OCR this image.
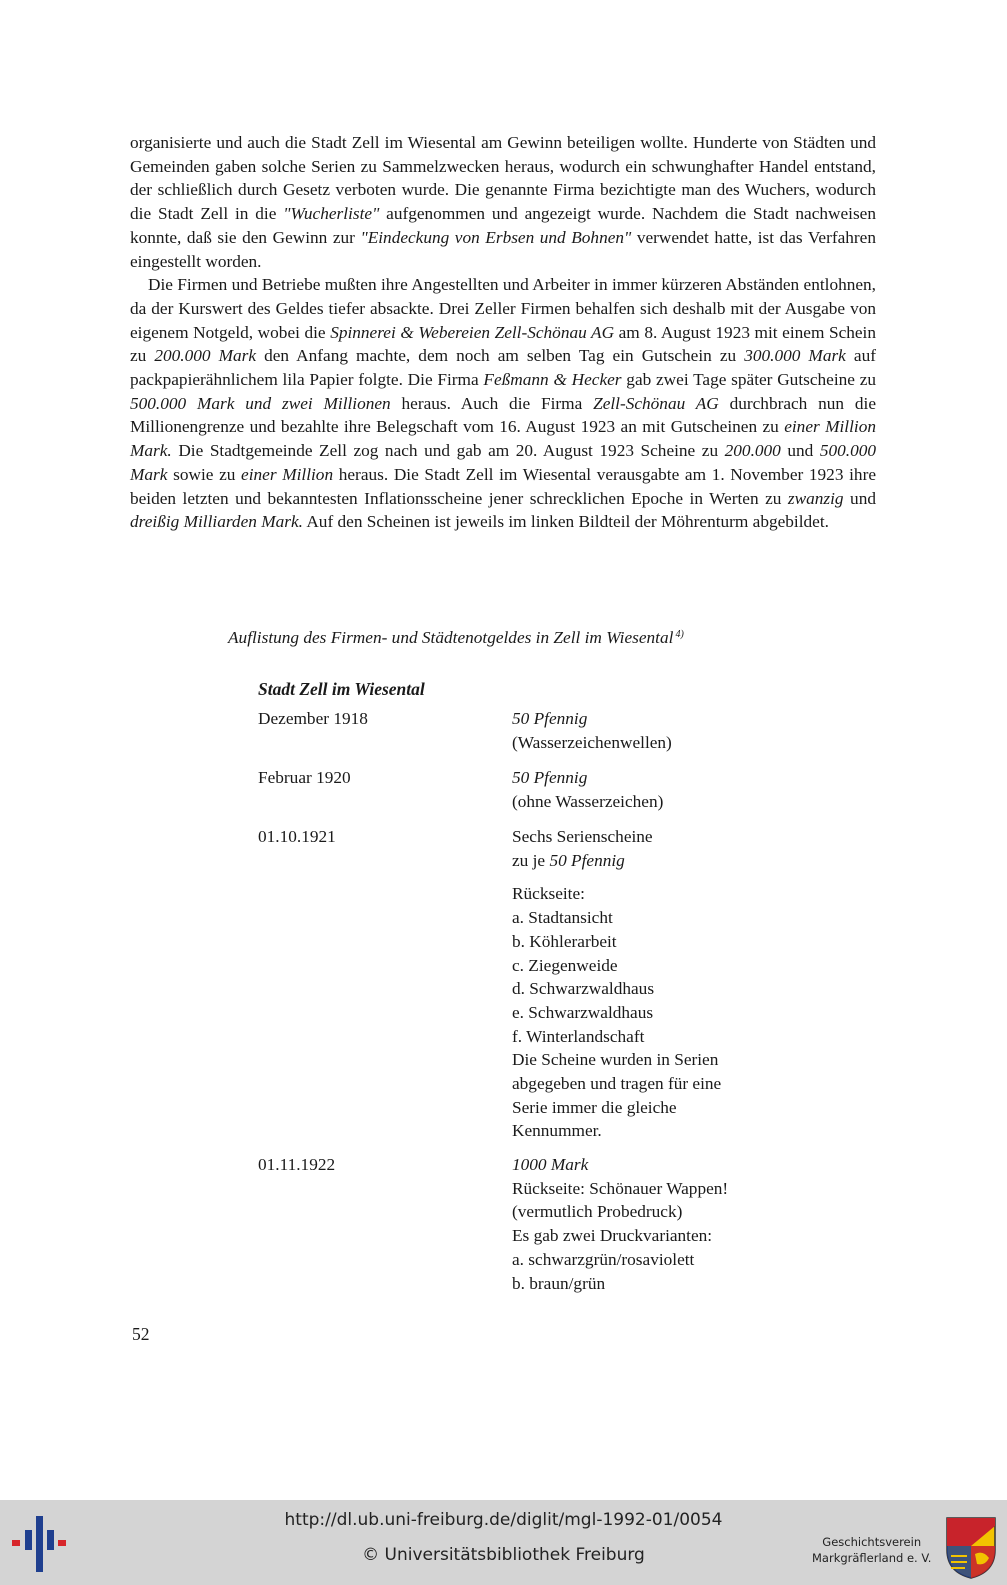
organisierte und auch die Stadt Zell im Wiesental am Gewinn beteiligen wollte. Hunderte von Städten und Gemeinden gaben solche Serien zu Sammelzwecken heraus, wodurch ein schwunghafter Handel entstand, der schließlich durch Gesetz verboten wurde. Die genannte Firma bezichtigte man des Wuchers, wodurch die Stadt Zell in die "Wucherliste" aufgenommen und angezeigt wurde. Nachdem die Stadt nachweisen konnte, daß sie den Gewinn zur "Eindeckung von Erbsen und Bohnen" verwendet hatte, ist das Verfahren eingestellt worden.

Die Firmen und Betriebe mußten ihre Angestellten und Arbeiter in immer kürzeren Abständen entlohnen, da der Kurswert des Geldes tiefer absackte. Drei Zeller Firmen behalfen sich deshalb mit der Ausgabe von eigenem Notgeld, wobei die Spinnerei & Webereien Zell-Schönau AG am 8. August 1923 mit einem Schein zu 200.000 Mark den Anfang machte, dem noch am selben Tag ein Gutschein zu 300.000 Mark auf packpapierähnlichem lila Papier folgte. Die Firma Feßmann & Hecker gab zwei Tage später Gutscheine zu 500.000 Mark und zwei Millionen heraus. Auch die Firma Zell-Schönau AG durchbrach nun die Millionengrenze und bezahlte ihre Belegschaft vom 16. August 1923 an mit Gutscheinen zu einer Million Mark. Die Stadtgemeinde Zell zog nach und gab am 20. August 1923 Scheine zu 200.000 und 500.000 Mark sowie zu einer Million heraus. Die Stadt Zell im Wiesental verausgabte am 1. November 1923 ihre beiden letzten und bekanntesten Inflationsscheine jener schrecklichen Epoche in Werten zu zwanzig und dreißig Milliarden Mark. Auf den Scheinen ist jeweils im linken Bildteil der Möhrenturm abgebildet.

Auflistung des Firmen- und Städtenotgeldes in Zell im Wiesental $^{4)}$
Stadt Zell im Wiesental
Dezember 1918	50 Pfennig
(Wasserzeichenwellen)
Februar 1920	50 Pfennig
(ohne Wasserzeichen)
01.10.1921	Sechs Serienscheine
zu je 50 Pfennig
Rückseite:
a. Stadtansicht
b. Köhlerarbeit
c. Ziegenweide
d. Schwarzwaldhaus
e. Schwarzwaldhaus
f. Winterlandschaft
Die Scheine wurden in Serien
abgegeben und tragen für eine
Serie immer die gleiche
Kennummer.
01.11.1922	1000 Mark
Rückseite: Schönauer Wappen!
(vermutlich Probedruck)
Es gab zwei Druckvarianten:
a. schwarzgrün/rosaviolett
b. braun/grün
52
http://dl.ub.uni-freiburg.de/diglit/mgl-1992-01/0054
© Universitätsbibliothek Freiburg
Geschichtsverein
Markgräflerland e. V.
